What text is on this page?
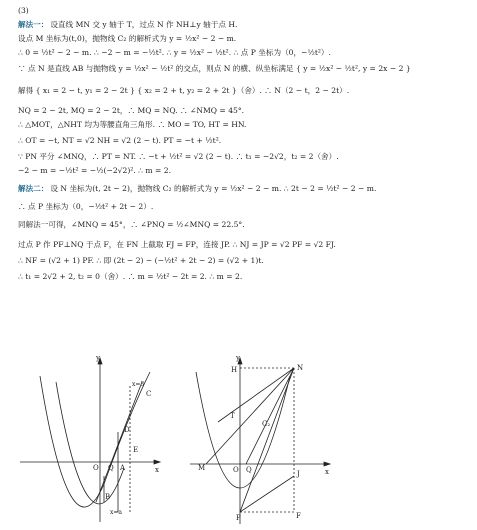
(3)
解法一： 设直线 MN 交 y 轴于 T，过点 N 作 NH⊥y 轴于点 H.
设点 M 坐标为(t,0)，抛物线 C₂ 的解析式为 y = ½x² − 2 − m.
∴ 0 = ½t² − 2 − m. ∴ −2 − m = −½t². ∴ y = ½x² − ½t². ∴ 点 P 坐标为（0，−½t²）.
∵ 点 N 是直线 AB 与抛物线 y = ½x² − ½t² 的交点，则点 N 的横、纵坐标满足 { y = ½x² − ½t², y = 2x − 2 }
解得 { x₁ = 2 − t, y₁ = 2 − 2t } { x₂ = 2 + t, y₂ = 2 + 2t }（舍）. ∴ N（2 − t，2 − 2t）.
NQ = 2 − 2t, MQ = 2 − 2t，∴ MQ = NQ. ∴ ∠NMQ = 45°.
∴ △MOT，△NHT 均为等腰直角三角形. ∴ MO = TO, HT = HN.
∴ OT = −t, NT = √2 NH = √2 (2 − t). PT = −t + ½t².
∵ PN 平分 ∠MNQ，∴ PT = NT. ∴ −t + ½t² = √2 (2 − t). ∴ t₁ = −2√2，t₂ = 2（舍）.
−2 − m = −½t² = −½(−2√2)². ∴ m = 2.
解法二： 设 N 坐标为(t, 2t − 2)，抛物线 C₂ 的解析式为 y = ½x² − 2 − m. ∴ 2t − 2 = ½t² − 2 − m.
∴ 点 P 坐标为（0，−½t² + 2t − 2）.
同解法一可得，∠MNQ = 45°，∴ ∠PNQ = ½∠MNQ = 22.5°.
过点 P 作 PF⊥NQ 于点 F，在 FN 上截取 FJ = FP，连接 JP. ∴ NJ = JP = √2 PF = √2 FJ.
∴ NF = (√2 + 1) PF. ∴ 即 (2t − 2) − (−½t² + 2t − 2) = (√2 + 1)t.
∴ t₁ = 2√2 + 2, t₂ = 0（舍）. ∴ m = ½t² − 2t = 2. ∴ m = 2.
y
x
C
D
E
A
B
O Q
x=3
x=a
y
x
H	N
T
C₂
M	O Q	J
P	F
